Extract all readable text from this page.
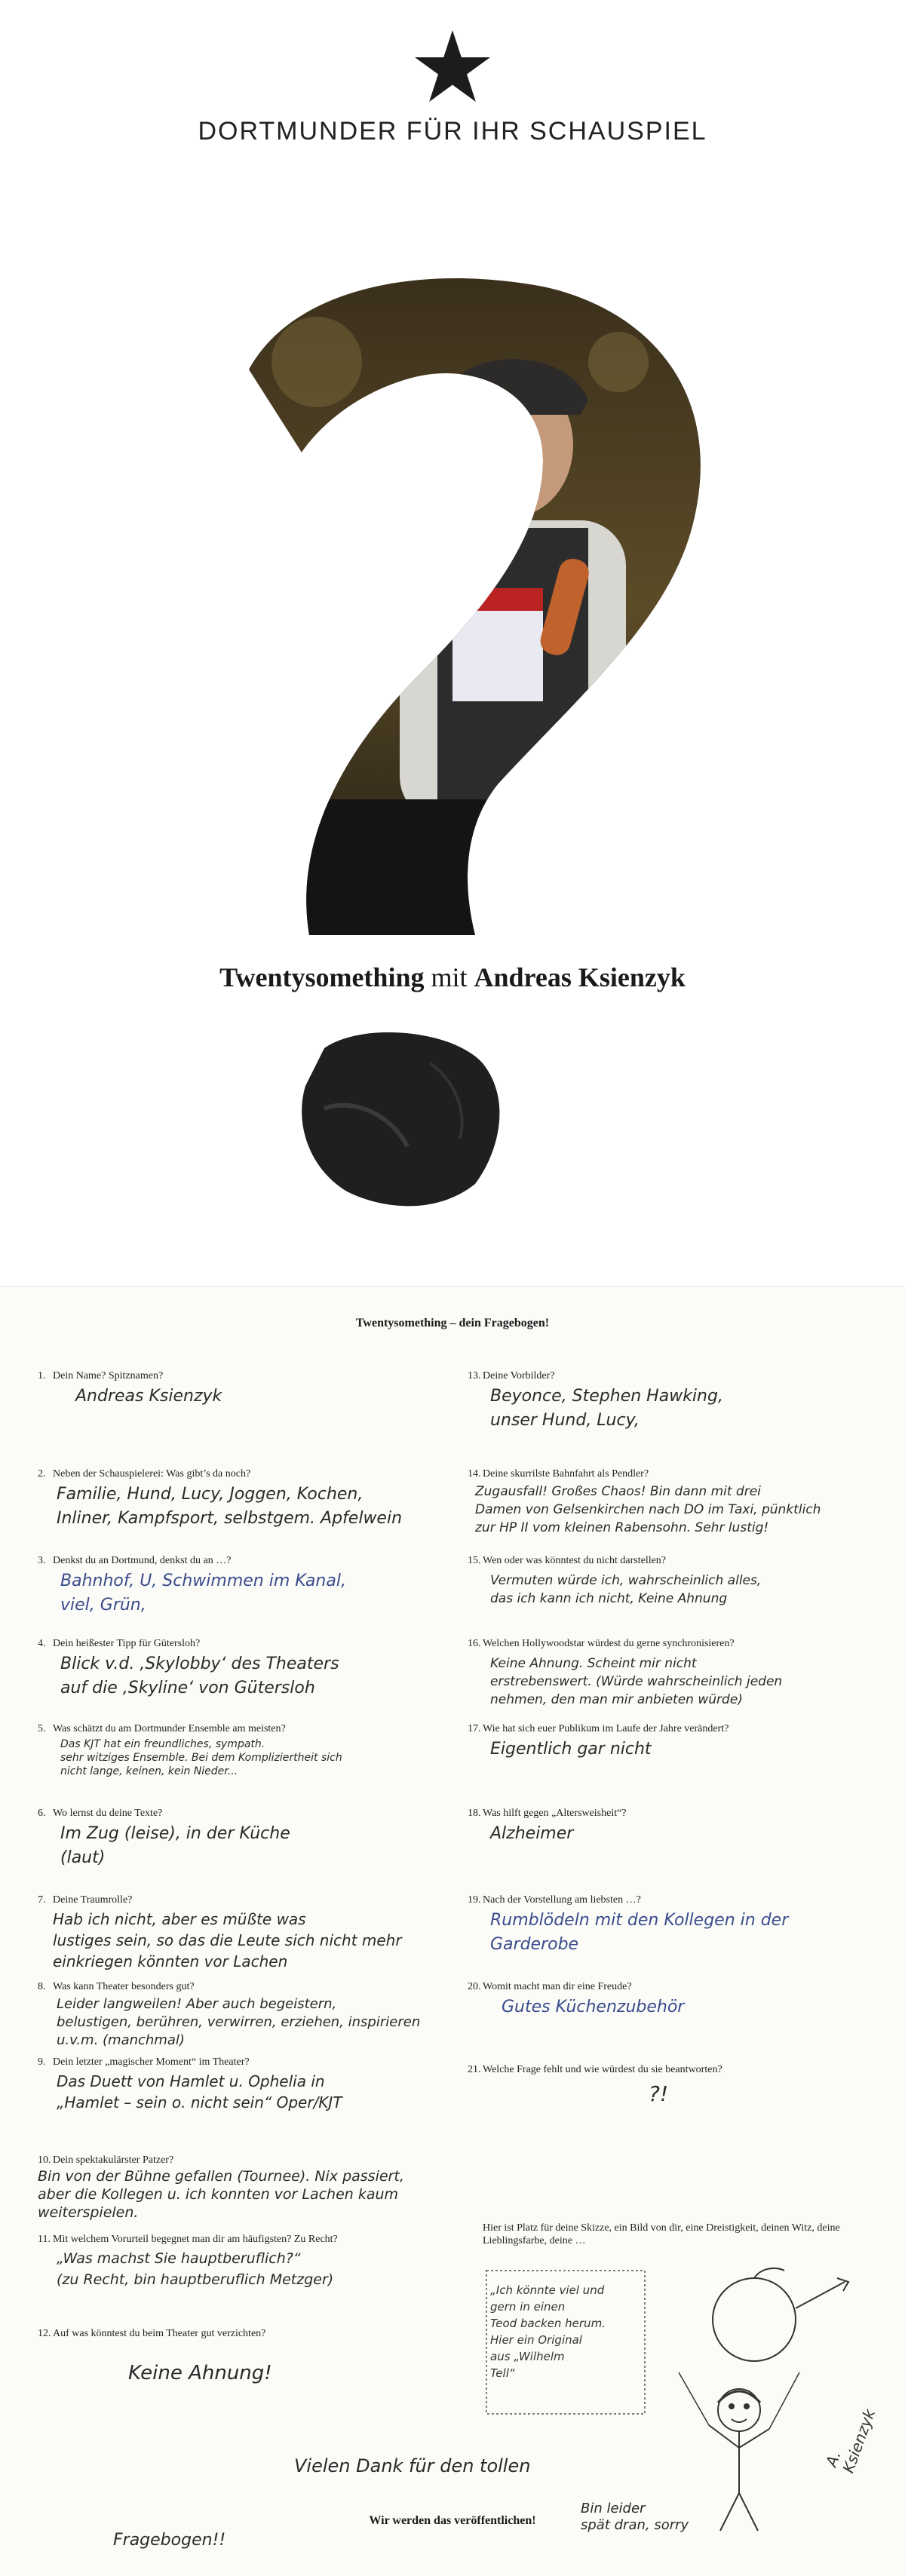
DORTMUNDER FÜR IHR SCHAUSPIEL
Twentysomething mit Andreas Ksienzyk
Twentysomething – dein Fragebogen!
1. Dein Name? Spitznamen?
Andreas Ksienzyk
2. Neben der Schauspielerei: Was gibt’s da noch?
Familie, Hund, Lucy, Joggen, Kochen,
Inliner, Kampfsport, selbstgem. Apfelwein
3. Denkst du an Dortmund, denkst du an …?
Bahnhof, U, Schwimmen im Kanal,
viel, Grün,
4. Dein heißester Tipp für Gütersloh?
Blick v.d. ‚Skylobby‘ des Theaters
auf die ‚Skyline‘ von Gütersloh
5. Was schätzt du am Dortmunder Ensemble am meisten?
Das KJT hat ein freundliches, sympath.
sehr witziges Ensemble. Bei dem Kompliziertheit sich
nicht lange, keinen, kein Nieder...
6. Wo lernst du deine Texte?
Im Zug (leise), in der Küche
(laut)
7. Deine Traumrolle?
Hab ich nicht, aber es müßte was
lustiges sein, so das die Leute sich nicht mehr
einkriegen könnten vor Lachen
8. Was kann Theater besonders gut?
Leider langweilen! Aber auch begeistern,
belustigen, berühren, verwirren, erziehen, inspirieren
u.v.m. (manchmal)
9. Dein letzter „magischer Moment“ im Theater?
Das Duett von Hamlet u. Ophelia in
„Hamlet – sein o. nicht sein“ Oper/KJT
10. Dein spektakulärster Patzer?
Bin von der Bühne gefallen (Tournee). Nix passiert,
aber die Kollegen u. ich konnten vor Lachen kaum
weiterspielen.
11. Mit welchem Vorurteil begegnet man dir am häufigsten? Zu Recht?
„Was machst Sie hauptberuflich?“
(zu Recht, bin hauptberuflich Metzger)
12. Auf was könntest du beim Theater gut verzichten?
Keine Ahnung!
13. Deine Vorbilder?
Beyonce, Stephen Hawking,
unser Hund, Lucy,
14. Deine skurrilste Bahnfahrt als Pendler?
Zugausfall! Großes Chaos! Bin dann mit drei
Damen von Gelsenkirchen nach DO im Taxi, pünktlich
zur HP II vom kleinen Rabensohn. Sehr lustig!
15. Wen oder was könntest du nicht darstellen?
Vermuten würde ich, wahrscheinlich alles,
das ich kann ich nicht, Keine Ahnung
16. Welchen Hollywoodstar würdest du gerne synchronisieren?
Keine Ahnung. Scheint mir nicht
erstrebenswert. (Würde wahrscheinlich jeden
nehmen, den man mir anbieten würde)
17. Wie hat sich euer Publikum im Laufe der Jahre verändert?
Eigentlich gar nicht
18. Was hilft gegen „Altersweisheit“?
Alzheimer
19. Nach der Vorstellung am liebsten …?
Rumblödeln mit den Kollegen in der
Garderobe
20. Womit macht man dir eine Freude?
Gutes Küchenzubehör
21. Welche Frage fehlt und wie würdest du sie beantworten?
?!
Hier ist Platz für deine Skizze, ein Bild von dir, eine Dreistigkeit, deinen Witz, deine Lieblingsfarbe, deine …
„Ich könnte viel und
gern in einen
Teod backen herum.
Hier ein Original
aus „Wilhelm
Tell“
Vielen Dank für den tollen
Fragebogen!!
Bin leider
spät dran, sorry
Wir werden das veröffentlichen!
A. Ksienzyk
